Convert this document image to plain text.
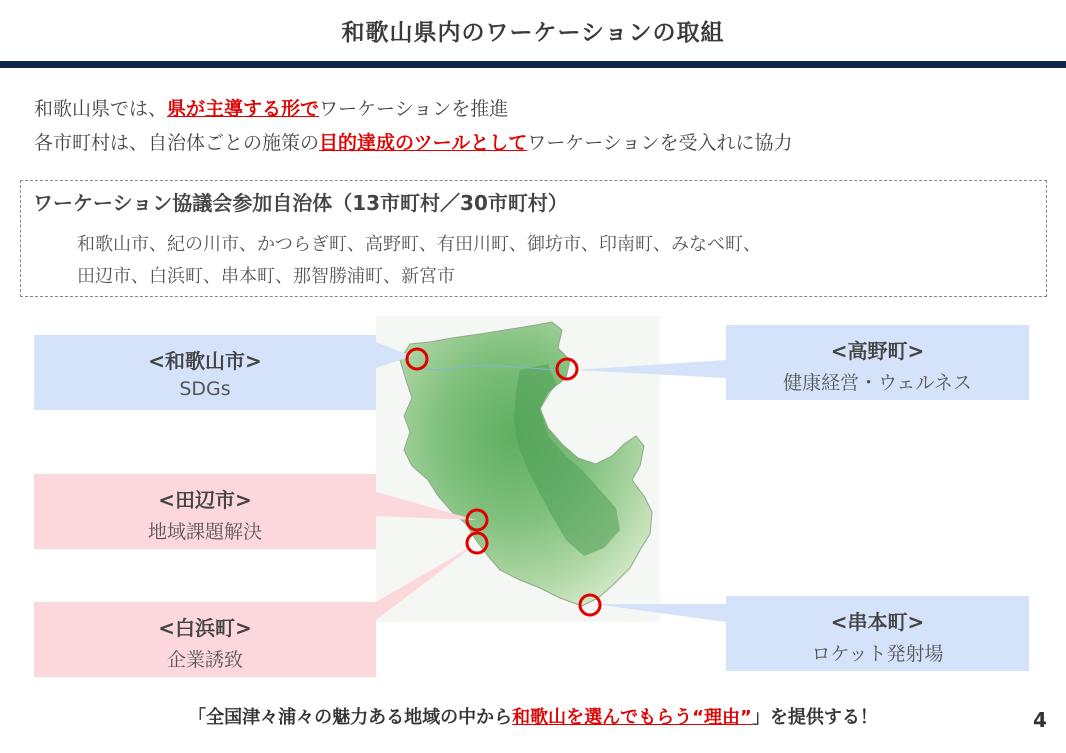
和歌山県内のワーケーションの取組
和歌山県では、県が主導する形でワーケーションを推進
各市町村は、自治体ごとの施策の目的達成のツールとしてワーケーションを受入れに協力
ワーケーション協議会参加自治体（13市町村／30市町村）
和歌山市、紀の川市、かつらぎ町、高野町、有田川町、御坊市、印南町、みなべ町、
田辺市、白浜町、串本町、那智勝浦町、新宮市
<和歌山市>
SDGs
<高野町>
健康経営・ウェルネス
<田辺市>
地域課題解決
<白浜町>
企業誘致
<串本町>
ロケット発射場
「全国津々浦々の魅力ある地域の中から和歌山を選んでもらう“理由”」を提供する！	4
